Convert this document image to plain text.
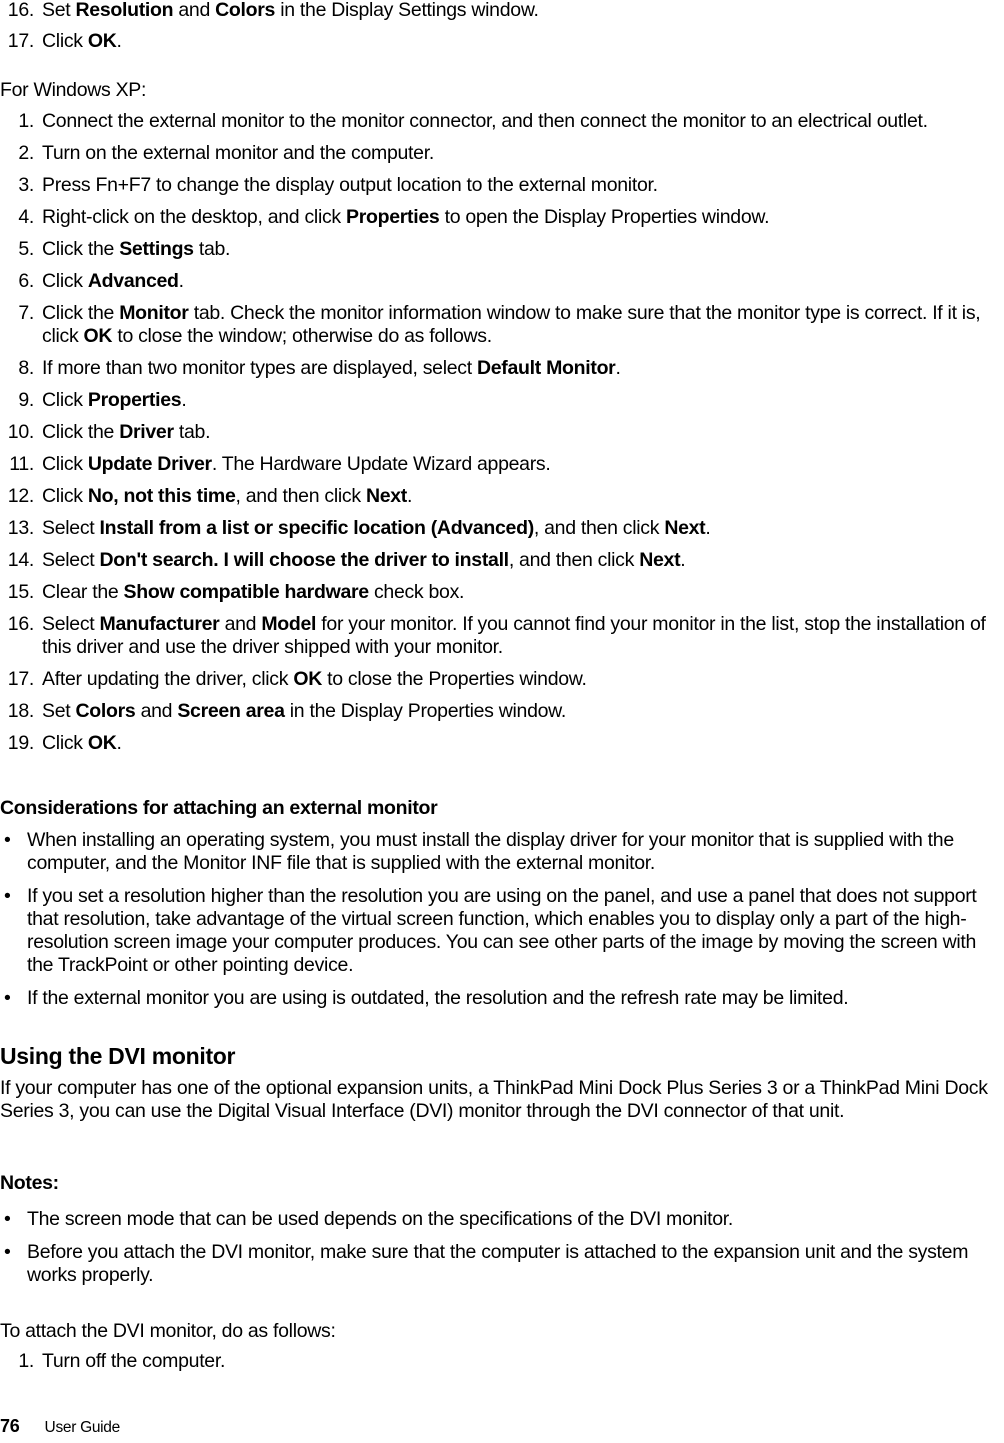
16. Set Resolution and Colors in the Display Settings window.
17. Click OK.
For Windows XP:
1. Connect the external monitor to the monitor connector, and then connect the monitor to an electrical outlet.
2. Turn on the external monitor and the computer.
3. Press Fn+F7 to change the display output location to the external monitor.
4. Right-click on the desktop, and click Properties to open the Display Properties window.
5. Click the Settings tab.
6. Click Advanced.
7. Click the Monitor tab. Check the monitor information window to make sure that the monitor type is correct. If it is, click OK to close the window; otherwise do as follows.
8. If more than two monitor types are displayed, select Default Monitor.
9. Click Properties.
10. Click the Driver tab.
11. Click Update Driver. The Hardware Update Wizard appears.
12. Click No, not this time, and then click Next.
13. Select Install from a list or specific location (Advanced), and then click Next.
14. Select Don't search. I will choose the driver to install, and then click Next.
15. Clear the Show compatible hardware check box.
16. Select Manufacturer and Model for your monitor. If you cannot find your monitor in the list, stop the installation of this driver and use the driver shipped with your monitor.
17. After updating the driver, click OK to close the Properties window.
18. Set Colors and Screen area in the Display Properties window.
19. Click OK.
Considerations for attaching an external monitor
• When installing an operating system, you must install the display driver for your monitor that is supplied with the computer, and the Monitor INF file that is supplied with the external monitor.
• If you set a resolution higher than the resolution you are using on the panel, and use a panel that does not support that resolution, take advantage of the virtual screen function, which enables you to display only a part of the high-resolution screen image your computer produces. You can see other parts of the image by moving the screen with the TrackPoint or other pointing device.
• If the external monitor you are using is outdated, the resolution and the refresh rate may be limited.
Using the DVI monitor
If your computer has one of the optional expansion units, a ThinkPad Mini Dock Plus Series 3 or a ThinkPad Mini Dock Series 3, you can use the Digital Visual Interface (DVI) monitor through the DVI connector of that unit.
Notes:
• The screen mode that can be used depends on the specifications of the DVI monitor.
• Before you attach the DVI monitor, make sure that the computer is attached to the expansion unit and the system works properly.
To attach the DVI monitor, do as follows:
1. Turn off the computer.
76 User Guide
